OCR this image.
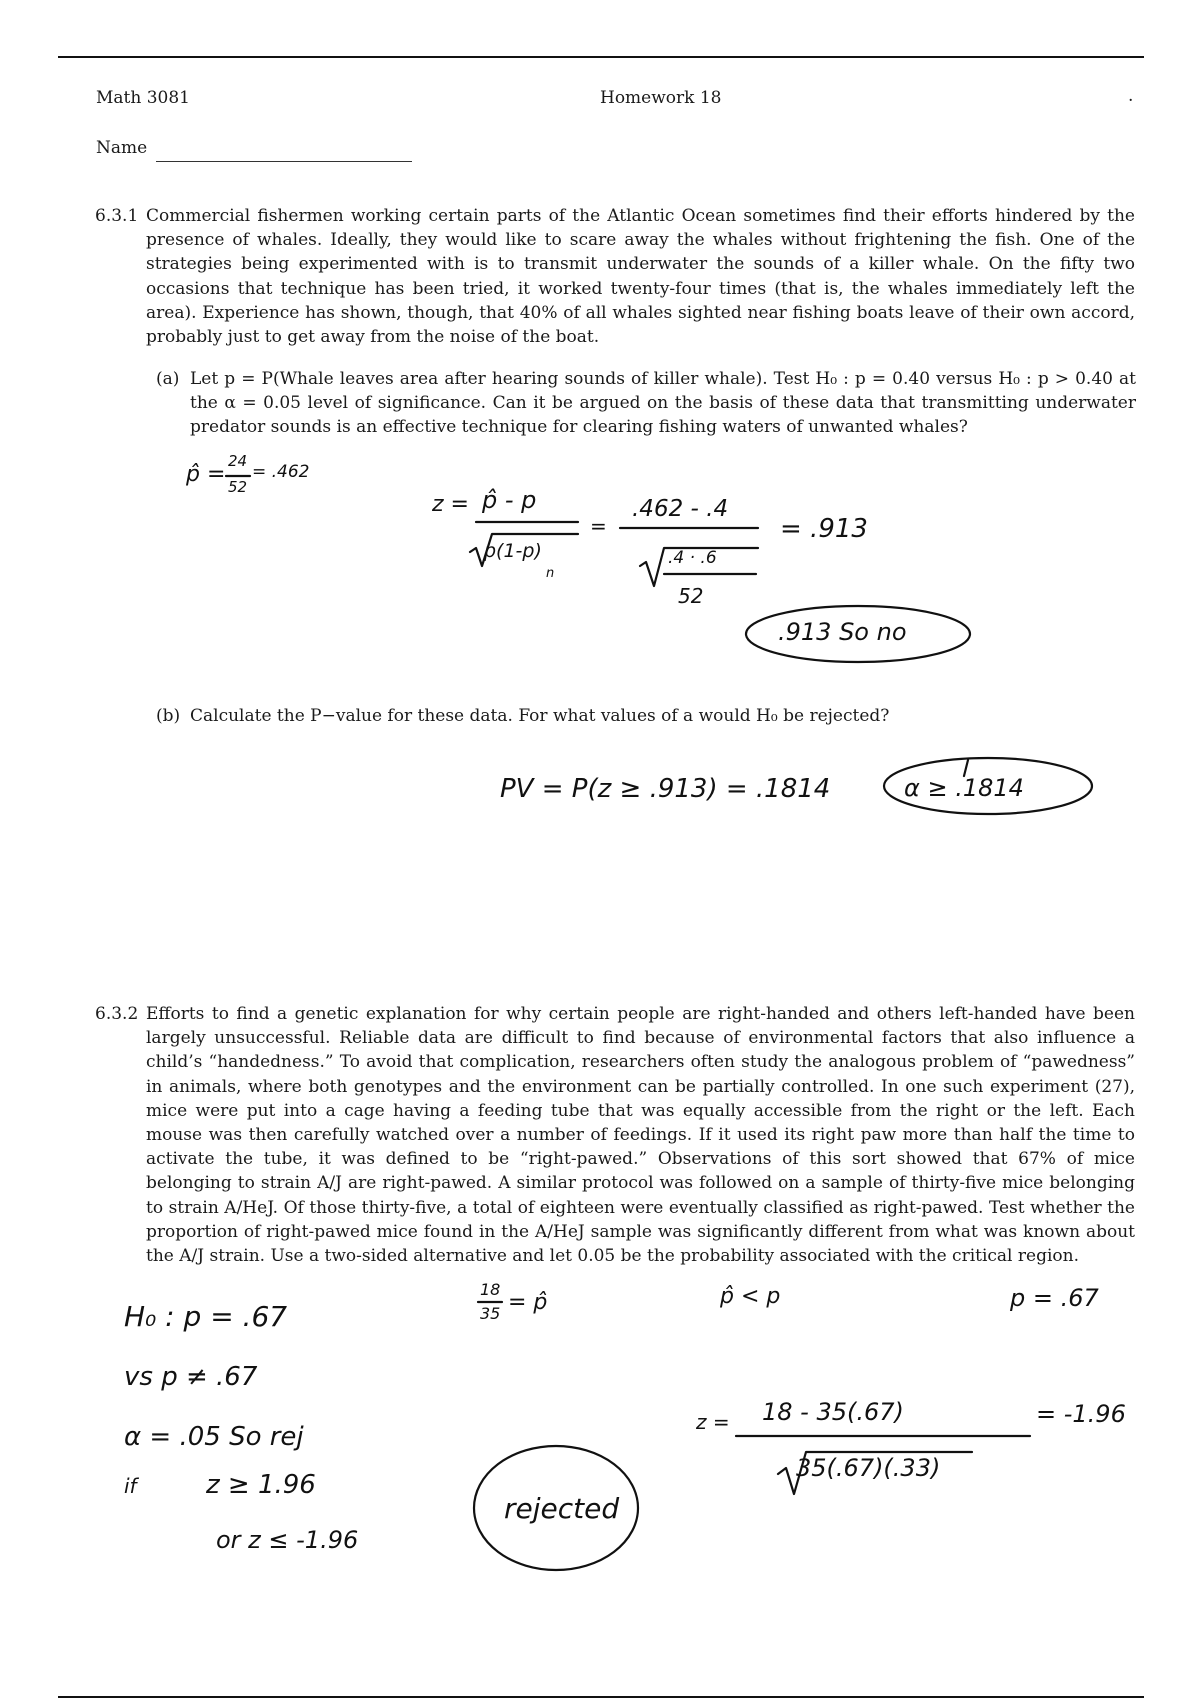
Math 3081	Homework 18	.
Name
6.3.1 Commercial fishermen working certain parts of the Atlantic Ocean sometimes find their efforts hindered by the presence of whales. Ideally, they would like to scare away the whales without frightening the fish. One of the strategies being experimented with is to transmit underwater the sounds of a killer whale. On the fifty two occasions that technique has been tried, it worked twenty-four times (that is, the whales immediately left the area). Experience has shown, though, that 40% of all whales sighted near fishing boats leave of their own accord, probably just to get away from the noise of the boat.
(a) Let p = P(Whale leaves area after hearing sounds of killer whale). Test H₀ : p = 0.40 versus H₀ : p > 0.40 at the α = 0.05 level of significance. Can it be argued on the basis of these data that transmitting underwater predator sounds is an effective technique for clearing fishing waters of unwanted whales?
p̂ =
24
52
= .462
z = p̂ - p
p(1-p)
n
=
.462 - .4
.4 · .6
52
= .913
.913 So no
(b) Calculate the P−value for these data. For what values of a would H₀ be rejected?
PV = P(z ≥ .913) = .1814	α ≥ .1814
6.3.2 Efforts to find a genetic explanation for why certain people are right-handed and others left-handed have been largely unsuccessful. Reliable data are difficult to find because of environmental factors that also influence a child’s “handedness.” To avoid that complication, researchers often study the analogous problem of “pawedness” in animals, where both genotypes and the environment can be partially controlled. In one such experiment (27), mice were put into a cage having a feeding tube that was equally accessible from the right or the left. Each mouse was then carefully watched over a number of feedings. If it used its right paw more than half the time to activate the tube, it was defined to be “right-pawed.” Observations of this sort showed that 67% of mice belonging to strain A/J are right-pawed. A similar protocol was followed on a sample of thirty-five mice belonging to strain A/HeJ. Of those thirty-five, a total of eighteen were eventually classified as right-pawed. Test whether the proportion of right-pawed mice found in the A/HeJ sample was significantly different from what was known about the A/J strain. Use a two-sided alternative and let 0.05 be the probability associated with the critical region.
H₀ : p = .67
vs p ≠ .67
α = .05 So rej
if	z ≥ 1.96
or z ≤ -1.96
18
35 = p̂	p̂ < p	p = .67
z = 18 - 35(.67)
35(.67)(.33)
= -1.96
rejected
